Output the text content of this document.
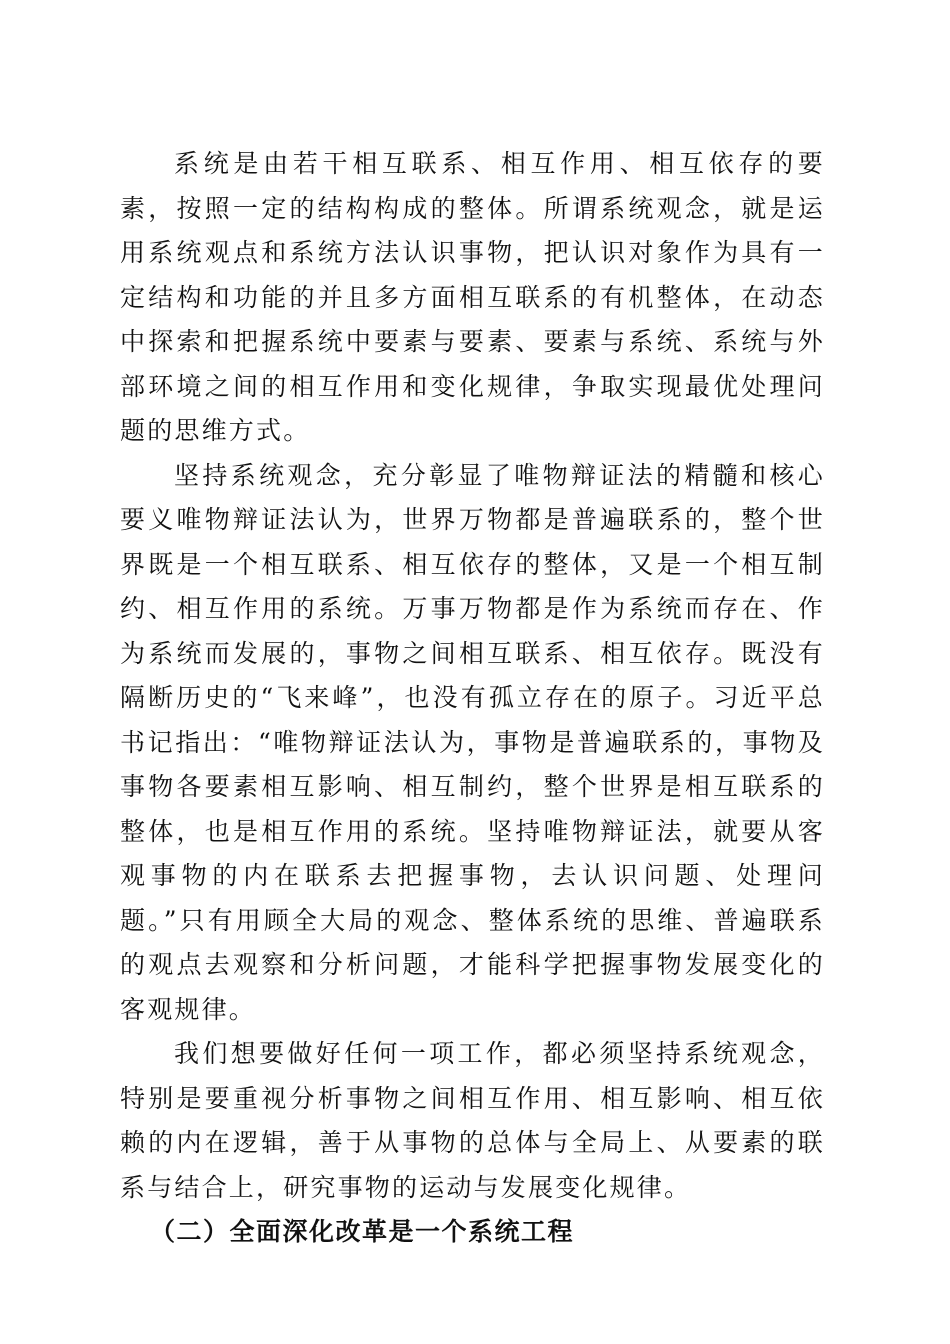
系统是由若干相互联系、相互作用、相互依存的要素，按照一定的结构构成的整体。所谓系统观念，就是运用系统观点和系统方法认识事物，把认识对象作为具有一定结构和功能的并且多方面相互联系的有机整体，在动态中探索和把握系统中要素与要素、要素与系统、系统与外部环境之间的相互作用和变化规律，争取实现最优处理问题的思维方式。

坚持系统观念，充分彰显了唯物辩证法的精髓和核心要义唯物辩证法认为，世界万物都是普遍联系的，整个世界既是一个相互联系、相互依存的整体，又是一个相互制约、相互作用的系统。万事万物都是作为系统而存在、作为系统而发展的，事物之间相互联系、相互依存。既没有隔断历史的“飞来峰”，也没有孤立存在的原子。习近平总书记指出：“唯物辩证法认为，事物是普遍联系的，事物及事物各要素相互影响、相互制约，整个世界是相互联系的整体，也是相互作用的系统。坚持唯物辩证法，就要从客观事物的内在联系去把握事物，去认识问题、处理问题。”只有用顾全大局的观念、整体系统的思维、普遍联系的观点去观察和分析问题，才能科学把握事物发展变化的客观规律。

我们想要做好任何一项工作，都必须坚持系统观念，特别是要重视分析事物之间相互作用、相互影响、相互依赖的内在逻辑，善于从事物的总体与全局上、从要素的联系与结合上，研究事物的运动与发展变化规律。

（二）全面深化改革是一个系统工程
